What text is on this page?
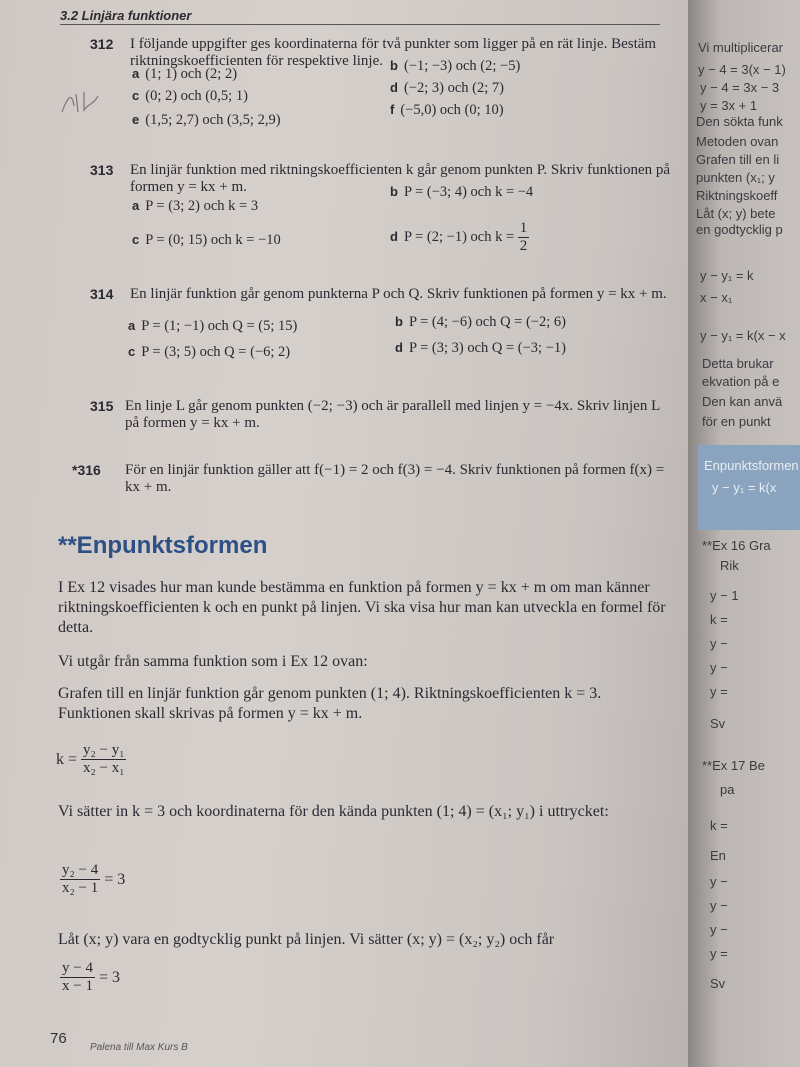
3.2 Linjära funktioner
312 I följande uppgifter ges koordinaterna för två punkter som ligger på en rät linje. Bestäm riktningskoefficienten för respektive linje.
a (1; 1) och (2; 2)
b (−1; −3) och (2; −5)
c (0; 2) och (0,5; 1)
d (−2; 3) och (2; 7)
e (1,5; 2,7) och (3,5; 2,9)
f (−5,0) och (0; 10)
313 En linjär funktion med riktningskoefficienten k går genom punkten P. Skriv funktionen på formen y = kx + m.
a P = (3; 2) och k = 3
b P = (−3; 4) och k = −4
c P = (0; 15) och k = −10	d P = (2; −1) och $k = \frac{1}{2}$
314 En linjär funktion går genom punkterna P och Q. Skriv funktionen på formen y = kx + m.
a P = (1; −1) och Q = (5; 15)	b P = (4; −6) och Q = (−2; 6)
c P = (3; 5) och Q = (−6; 2)	d P = (3; 3) och Q = (−3; −1)
315 En linje L går genom punkten (−2; −3) och är parallell med linjen y = −4x. Skriv linjen L på formen y = kx + m.
*316 För en linjär funktion gäller att f(−1) = 2 och f(3) = −4. Skriv funktionen på formen f(x) = kx + m.
**Enpunktsformen
I Ex 12 visades hur man kunde bestämma en funktion på formen y = kx + m om man känner riktningskoefficienten k och en punkt på linjen. Vi ska visa hur man kan utveckla en formel för detta.
Vi utgår från samma funktion som i Ex 12 ovan:
Grafen till en linjär funktion går genom punkten (1; 4). Riktningskoefficienten k = 3. Funktionen skall skrivas på formen y = kx + m.
$k = \frac{\text{y₂ − y₁}}{\text{x₂ − x₁}}$
Vi sätter in k = 3 och koordinaterna för den kända punkten (1; 4) = (x₁; y₁) i uttrycket:
$\frac{\text{y₂ − 4}}{\text{x₂ − 1}} = 3$
Låt (x; y) vara en godtycklig punkt på linjen. Vi sätter (x; y) = (x₂; y₂) och får
$\frac{y - 4}{x - 1} = 3$
76
Palena till Max Kurs B
Vi multiplicerar
y − 4 = 3(x − 1)
y − 4 = 3x − 3
y = 3x + 1
Den sökta funk
Metoden ovan
Grafen till en li
punkten (x₁; y
Riktningskoeff
Låt (x; y) bete
en godtycklig p
y − y₁ = k
x − x₁
y − y₁ = k(x − x
Detta brukar
ekvation på e
Den kan anvä
för en punkt
Enpunktsformen
y − y₁ = k(x
**Ex 16 Gra
Rik
y − 1
k =
y −
y −
y =
Sv
**Ex 17 Be
pa
k =
En
y −
y −
y −
y =
Sv
